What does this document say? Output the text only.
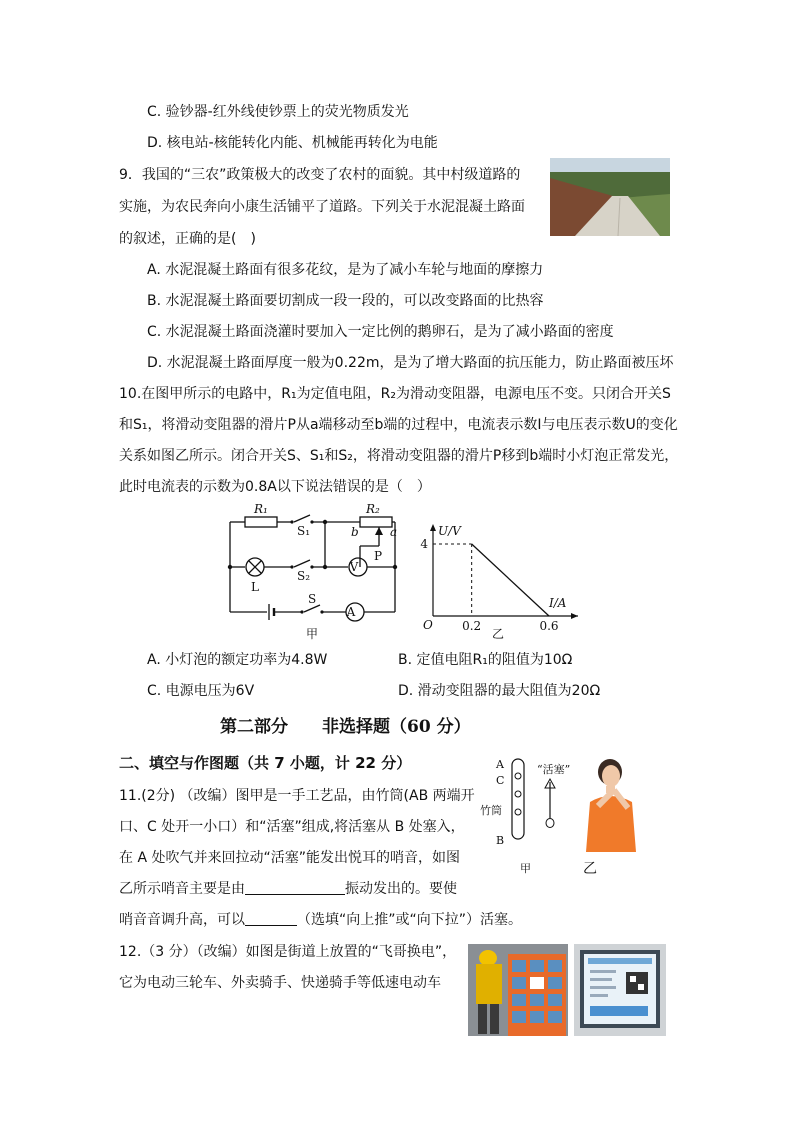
C. 验钞器-红外线使钞票上的荧光物质发光
D. 核电站-核能转化内能、机械能再转化为电能
9．我国的“三农”政策极大的改变了农村的面貌。其中村级道路的
实施，为农民奔向小康生活铺平了道路。下列关于水泥混凝土路面
的叙述，正确的是(　)
A. 水泥混凝土路面有很多花纹，是为了减小车轮与地面的摩擦力
B. 水泥混凝土路面要切割成一段一段的，可以改变路面的比热容
C. 水泥混凝土路面浇灌时要加入一定比例的鹅卵石，是为了减小路面的密度
D. 水泥混凝土路面厚度一般为0.22m，是为了增大路面的抗压能力，防止路面被压坏
10.在图甲所示的电路中，R₁为定值电阻，R₂为滑动变阻器，电源电压不变。只闭合开关S
和S₁，将滑动变阻器的滑片P从a端移动至b端的过程中，电流表示数I与电压表示数U的变化
关系如图乙所示。闭合开关S、S₁和S₂，将滑动变阻器的滑片P移到b端时小灯泡正常发光，
此时电流表的示数为0.8A以下说法错误的是（　）
R₁	R₂
b	a
S₁
S₂
S
P
L
V
A
甲
0.2	0.6
4
U/V
I/A
O
乙
A. 小灯泡的额定功率为4.8W	B. 定值电阻R₁的阻值为10Ω
C. 电源电压为6V	D. 滑动变阻器的最大阻值为20Ω
第二部分　　非选择题（60 分）
二、填空与作图题（共 7 小题，计 22 分）
11.(2分) （改编）图甲是一手工艺品，由竹筒(AB 两端开
口、C 处开一小口）和“活塞”组成,将活塞从 B 处塞入，
在 A 处吹气并来回拉动“活塞”能发出悦耳的哨音，如图
乙所示哨音主要是由	振动发出的。要使
哨音音调升高，可以	（选填“向上推”或“向下拉”）活塞。
A
C
B
竹筒
“活塞”
甲	乙
12.（3 分）（改编）如图是街道上放置的“飞哥换电”，
它为电动三轮车、外卖骑手、快递骑手等低速电动车
